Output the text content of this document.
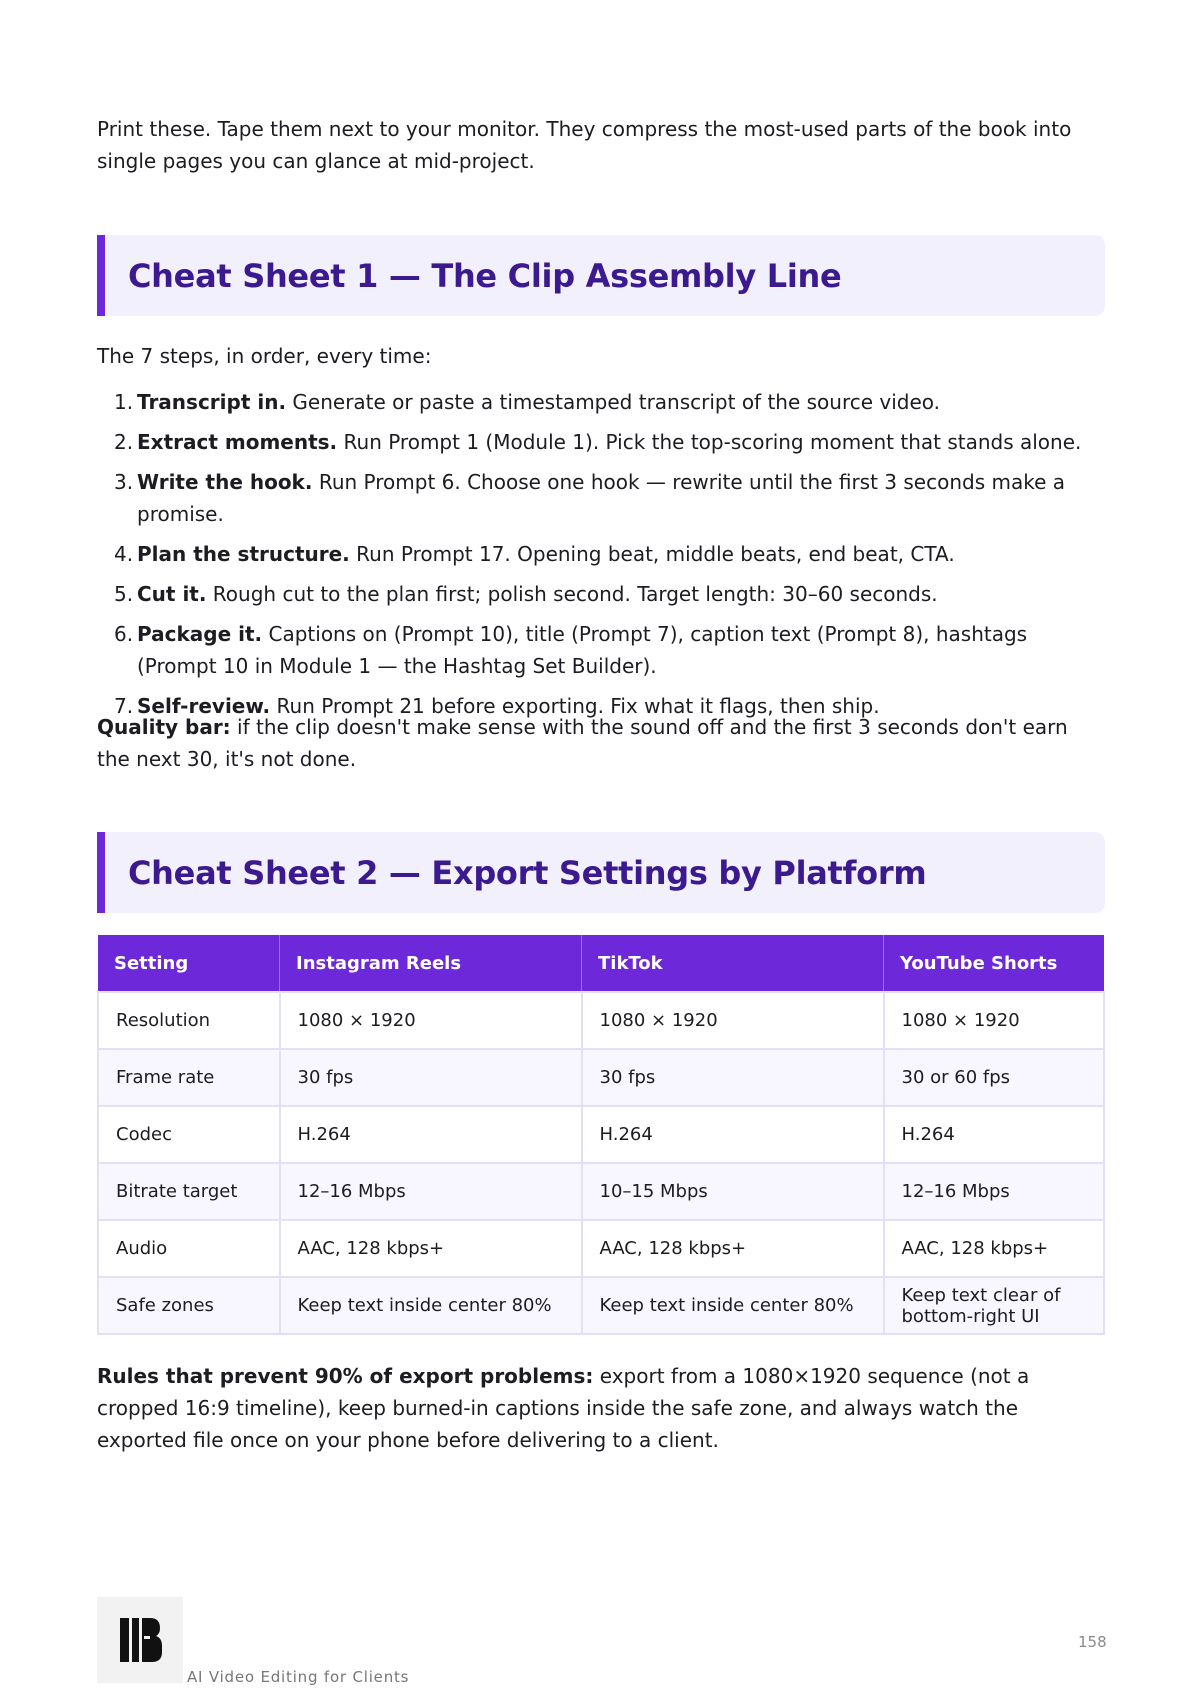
Print these. Tape them next to your monitor. They compress the most-used parts of the book into single pages you can glance at mid-project.

Cheat Sheet 1 — The Clip Assembly Line

The 7 steps, in order, every time:

1. Transcript in. Generate or paste a timestamped transcript of the source video.
2. Extract moments. Run Prompt 1 (Module 1). Pick the top-scoring moment that stands alone.
3. Write the hook. Run Prompt 6. Choose one hook — rewrite until the first 3 seconds make a promise.
4. Plan the structure. Run Prompt 17. Opening beat, middle beats, end beat, CTA.
5. Cut it. Rough cut to the plan first; polish second. Target length: 30–60 seconds.
6. Package it. Captions on (Prompt 10), title (Prompt 7), caption text (Prompt 8), hashtags (Prompt 10 in Module 1 — the Hashtag Set Builder).
7. Self-review. Run Prompt 21 before exporting. Fix what it flags, then ship.

Quality bar: if the clip doesn't make sense with the sound off and the first 3 seconds don't earn the next 30, it's not done.

Cheat Sheet 2 — Export Settings by Platform
Setting	Instagram Reels	TikTok	YouTube Shorts
Resolution	1080 × 1920	1080 × 1920	1080 × 1920
Frame rate	30 fps	30 fps	30 or 60 fps
Codec	H.264	H.264	H.264
Bitrate target	12–16 Mbps	10–15 Mbps	12–16 Mbps
Audio	AAC, 128 kbps+	AAC, 128 kbps+	AAC, 128 kbps+
Safe zones	Keep text inside center 80%	Keep text inside center 80%	Keep text clear of bottom-right UI

Rules that prevent 90% of export problems: export from a 1080×1920 sequence (not a cropped 16:9 timeline), keep burned-in captions inside the safe zone, and always watch the exported file once on your phone before delivering to a client.

AI Video Editing for Clients
158
